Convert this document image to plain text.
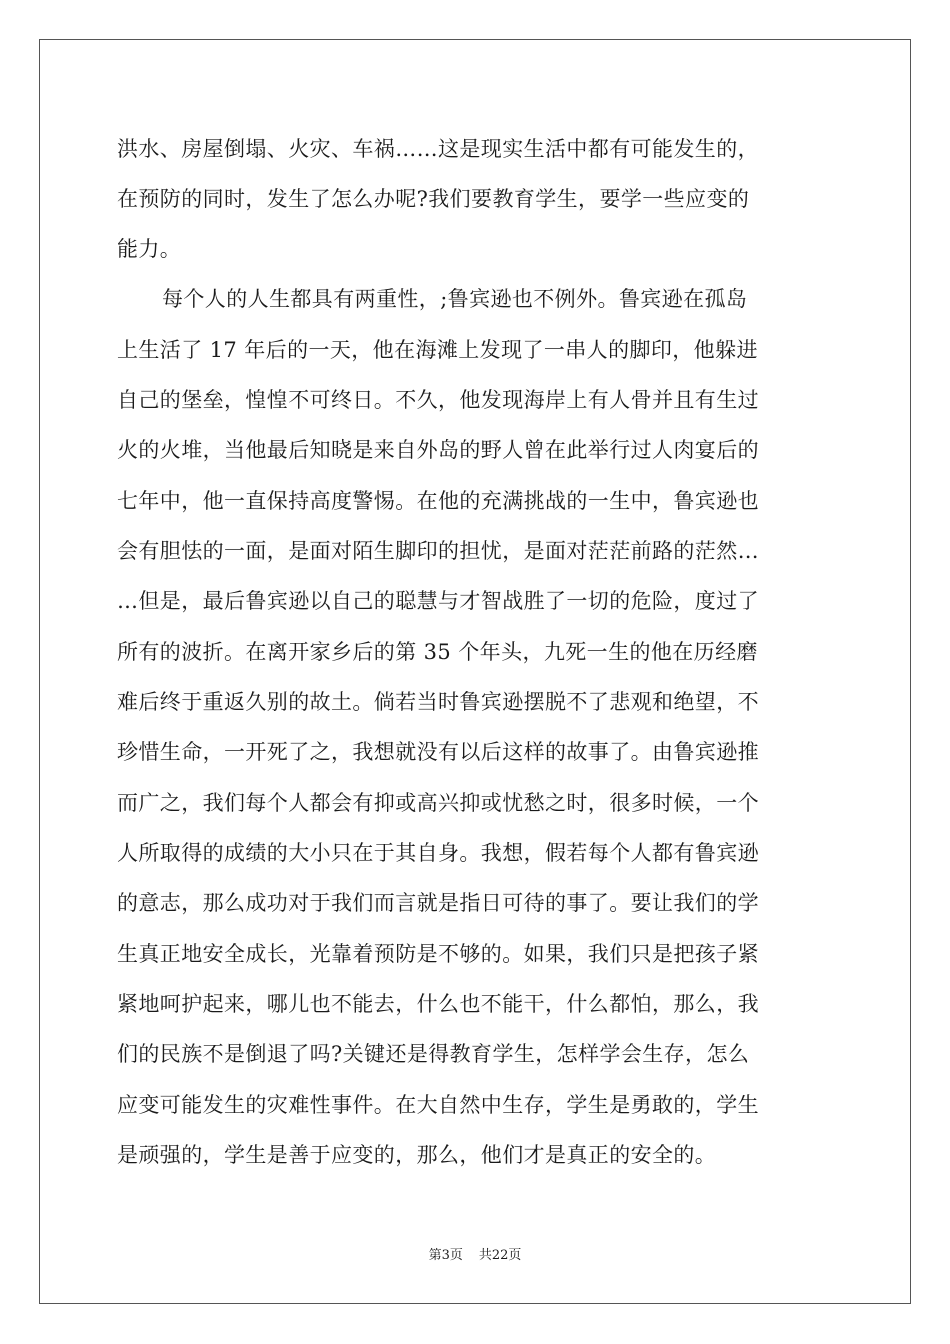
洪水、房屋倒塌、火灾、车祸……这是现实生活中都有可能发生的，
在预防的同时，发生了怎么办呢?我们要教育学生，要学一些应变的
能力。
每个人的人生都具有两重性，;鲁宾逊也不例外。鲁宾逊在孤岛
上生活了 17 年后的一天，他在海滩上发现了一串人的脚印，他躲进
自己的堡垒，惶惶不可终日。不久，他发现海岸上有人骨并且有生过
火的火堆，当他最后知晓是来自外岛的野人曾在此举行过人肉宴后的
七年中，他一直保持高度警惕。在他的充满挑战的一生中，鲁宾逊也
会有胆怯的一面，是面对陌生脚印的担忧，是面对茫茫前路的茫然…
…但是，最后鲁宾逊以自己的聪慧与才智战胜了一切的危险，度过了
所有的波折。在离开家乡后的第 35 个年头，九死一生的他在历经磨
难后终于重返久别的故土。倘若当时鲁宾逊摆脱不了悲观和绝望，不
珍惜生命，一开死了之，我想就没有以后这样的故事了。由鲁宾逊推
而广之，我们每个人都会有抑或高兴抑或忧愁之时，很多时候，一个
人所取得的成绩的大小只在于其自身。我想，假若每个人都有鲁宾逊
的意志，那么成功对于我们而言就是指日可待的事了。要让我们的学
生真正地安全成长，光靠着预防是不够的。如果，我们只是把孩子紧
紧地呵护起来，哪儿也不能去，什么也不能干，什么都怕，那么，我
们的民族不是倒退了吗?关键还是得教育学生，怎样学会生存，怎么
应变可能发生的灾难性事件。在大自然中生存，学生是勇敢的，学生
是顽强的，学生是善于应变的，那么，他们才是真正的安全的。
第3页 共22页
